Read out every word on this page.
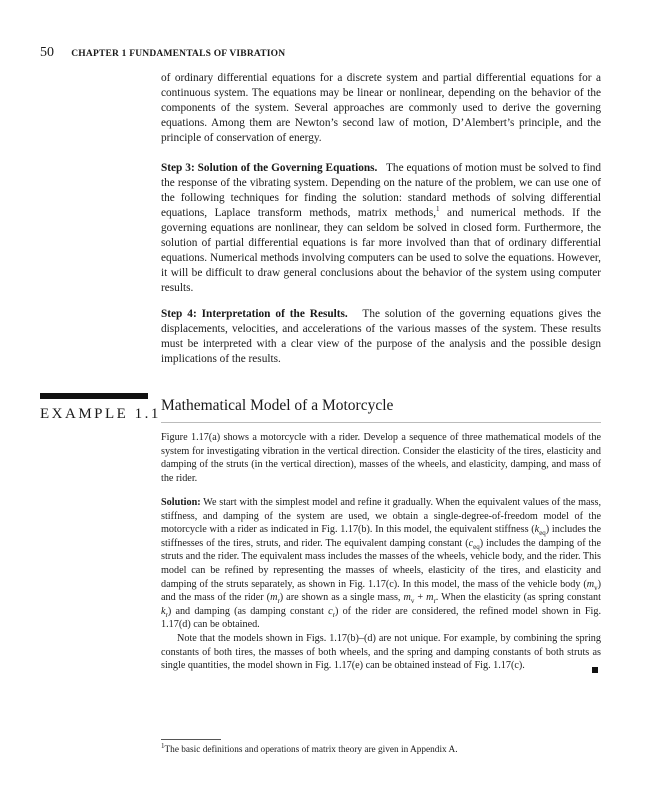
50 CHAPTER 1 FUNDAMENTALS OF VIBRATION

of ordinary differential equations for a discrete system and partial differential equations for a continuous system. The equations may be linear or nonlinear, depending on the behavior of the components of the system. Several approaches are commonly used to derive the governing equations. Among them are Newton’s second law of motion, D’Alembert’s principle, and the principle of conservation of energy.

Step 3: Solution of the Governing Equations. The equations of motion must be solved to find the response of the vibrating system. Depending on the nature of the problem, we can use one of the following techniques for finding the solution: standard methods of solving differential equations, Laplace transform methods, matrix methods,$^1$ and numerical methods. If the governing equations are nonlinear, they can seldom be solved in closed form. Furthermore, the solution of partial differential equations is far more involved than that of ordinary differential equations. Numerical methods involving computers can be used to solve the equations. However, it will be difficult to draw general conclusions about the behavior of the system using computer results.

Step 4: Interpretation of the Results. The solution of the governing equations gives the displacements, velocities, and accelerations of the various masses of the system. These results must be interpreted with a clear view of the purpose of the analysis and the possible design implications of the results.

EXAMPLE 1.1 Mathematical Model of a Motorcycle

Figure 1.17(a) shows a motorcycle with a rider. Develop a sequence of three mathematical models of the system for investigating vibration in the vertical direction. Consider the elasticity of the tires, elasticity and damping of the struts (in the vertical direction), masses of the wheels, and elasticity, damping, and mass of the rider.

Solution: We start with the simplest model and refine it gradually. When the equivalent values of the mass, stiffness, and damping of the system are used, we obtain a single-degree-of-freedom model of the motorcycle with a rider as indicated in Fig. 1.17(b). In this model, the equivalent stiffness $(k_{eq})$ includes the stiffnesses of the tires, struts, and rider. The equivalent damping constant $(c_{eq})$ includes the damping of the struts and the rider. The equivalent mass includes the masses of the wheels, vehicle body, and the rider. This model can be refined by representing the masses of wheels, elasticity of the tires, and elasticity and damping of the struts separately, as shown in Fig. 1.17(c). In this model, the mass of the vehicle body $(m_v)$ and the mass of the rider $(m_r)$ are shown as a single mass, $m_v + m_r$. When the elasticity (as spring constant $k_r$) and damping (as damping constant $c_r$) of the rider are considered, the refined model shown in Fig. 1.17(d) can be obtained.

Note that the models shown in Figs. 1.17(b)–(d) are not unique. For example, by combining the spring constants of both tires, the masses of both wheels, and the spring and damping constants of both struts as single quantities, the model shown in Fig. 1.17(e) can be obtained instead of Fig. 1.17(c).

$^1$The basic definitions and operations of matrix theory are given in Appendix A.
